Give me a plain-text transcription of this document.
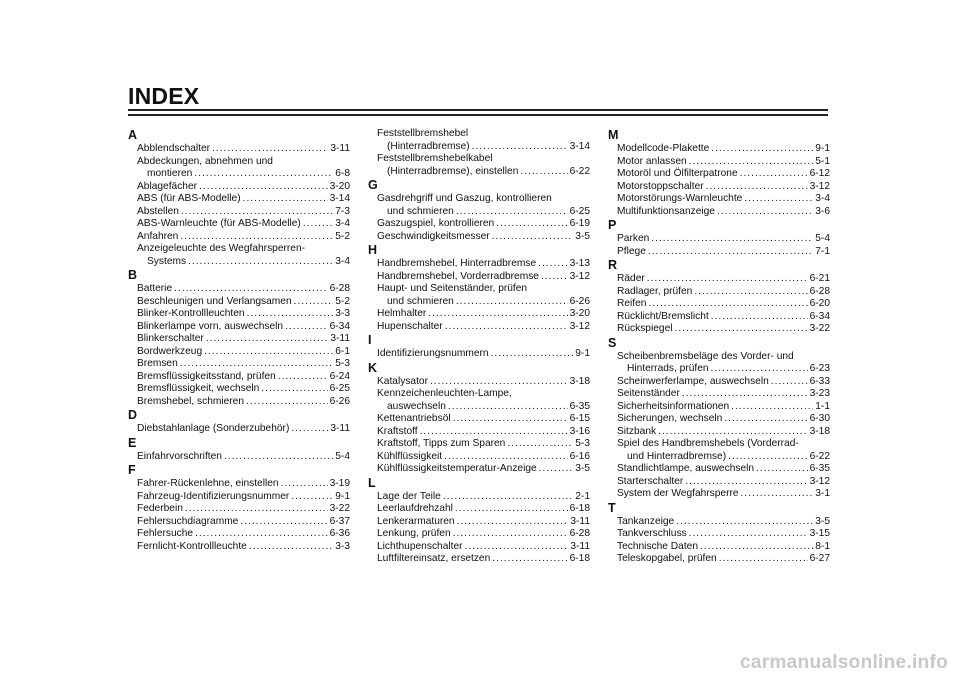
INDEX
A
Abblendschalter .....	3-11
Abdeckungen, abnehmen und
montieren .....	6-8
Ablagefächer .....	3-20
ABS (für ABS-Modelle) .....	3-14
Abstellen .....	7-3
ABS-Warnleuchte (für ABS-Modelle) .....	3-4
Anfahren .....	5-2
Anzeigeleuchte des Wegfahrsperren-
Systems .....	3-4
B
Batterie .....	6-28
Beschleunigen und Verlangsamen .....	5-2
Blinker-Kontrollleuchten .....	3-3
Blinkerlampe vorn, auswechseln .....	6-34
Blinkerschalter .....	3-11
Bordwerkzeug .....	6-1
Bremsen .....	5-3
Bremsflüssigkeitsstand, prüfen .....	6-24
Bremsflüssigkeit, wechseln .....	6-25
Bremshebel, schmieren .....	6-26
D
Diebstahlanlage (Sonderzubehör) .....	3-11
E
Einfahrvorschriften .....	5-4
F
Fahrer-Rückenlehne, einstellen .....	3-19
Fahrzeug-Identifizierungsnummer .....	9-1
Federbein .....	3-22
Fehlersuchdiagramme .....	6-37
Fehlersuche .....	6-36
Fernlicht-Kontrollleuchte .....	3-3
Feststellbremshebel
(Hinterradbremse) .....	3-14
Feststellbremshebelkabel
(Hinterradbremse), einstellen .....	6-22
G
Gasdrehgriff und Gaszug, kontrollieren
und schmieren .....	6-25
Gaszugspiel, kontrollieren .....	6-19
Geschwindigkeitsmesser .....	3-5
H
Handbremshebel, Hinterradbremse .....	3-13
Handbremshebel, Vorderradbremse .....	3-12
Haupt- und Seitenständer, prüfen
und schmieren .....	6-26
Helmhalter .....	3-20
Hupenschalter .....	3-12
I
Identifizierungsnummern .....	9-1
K
Katalysator .....	3-18
Kennzeichenleuchten-Lampe,
auswechseln .....	6-35
Kettenantriebsöl .....	6-15
Kraftstoff .....	3-16
Kraftstoff, Tipps zum Sparen .....	5-3
Kühlflüssigkeit .....	6-16
Kühlflüssigkeitstemperatur-Anzeige .....	3-5
L
Lage der Teile .....	2-1
Leerlaufdrehzahl .....	6-18
Lenkerarmaturen .....	3-11
Lenkung, prüfen .....	6-28
Lichthupenschalter .....	3-11
Luftfiltereinsatz, ersetzen .....	6-18
M
Modellcode-Plakette .....	9-1
Motor anlassen .....	5-1
Motoröl und Ölfilterpatrone .....	6-12
Motorstoppschalter .....	3-12
Motorstörungs-Warnleuchte .....	3-4
Multifunktionsanzeige .....	3-6
P
Parken .....	5-4
Pflege .....	7-1
R
Räder .....	6-21
Radlager, prüfen .....	6-28
Reifen .....	6-20
Rücklicht/Bremslicht .....	6-34
Rückspiegel .....	3-22
S
Scheibenbremsbeläge des Vorder- und
Hinterrads, prüfen .....	6-23
Scheinwerferlampe, auswechseln .....	6-33
Seitenständer .....	3-23
Sicherheitsinformationen .....	1-1
Sicherungen, wechseln .....	6-30
Sitzbank .....	3-18
Spiel des Handbremshebels (Vorderrad-
und Hinterradbremse) .....	6-22
Standlichtlampe, auswechseln .....	6-35
Starterschalter .....	3-12
System der Wegfahrsperre .....	3-1
T
Tankanzeige .....	3-5
Tankverschluss .....	3-15
Technische Daten .....	8-1
Teleskopgabel, prüfen .....	6-27
carmanualsonline.info
